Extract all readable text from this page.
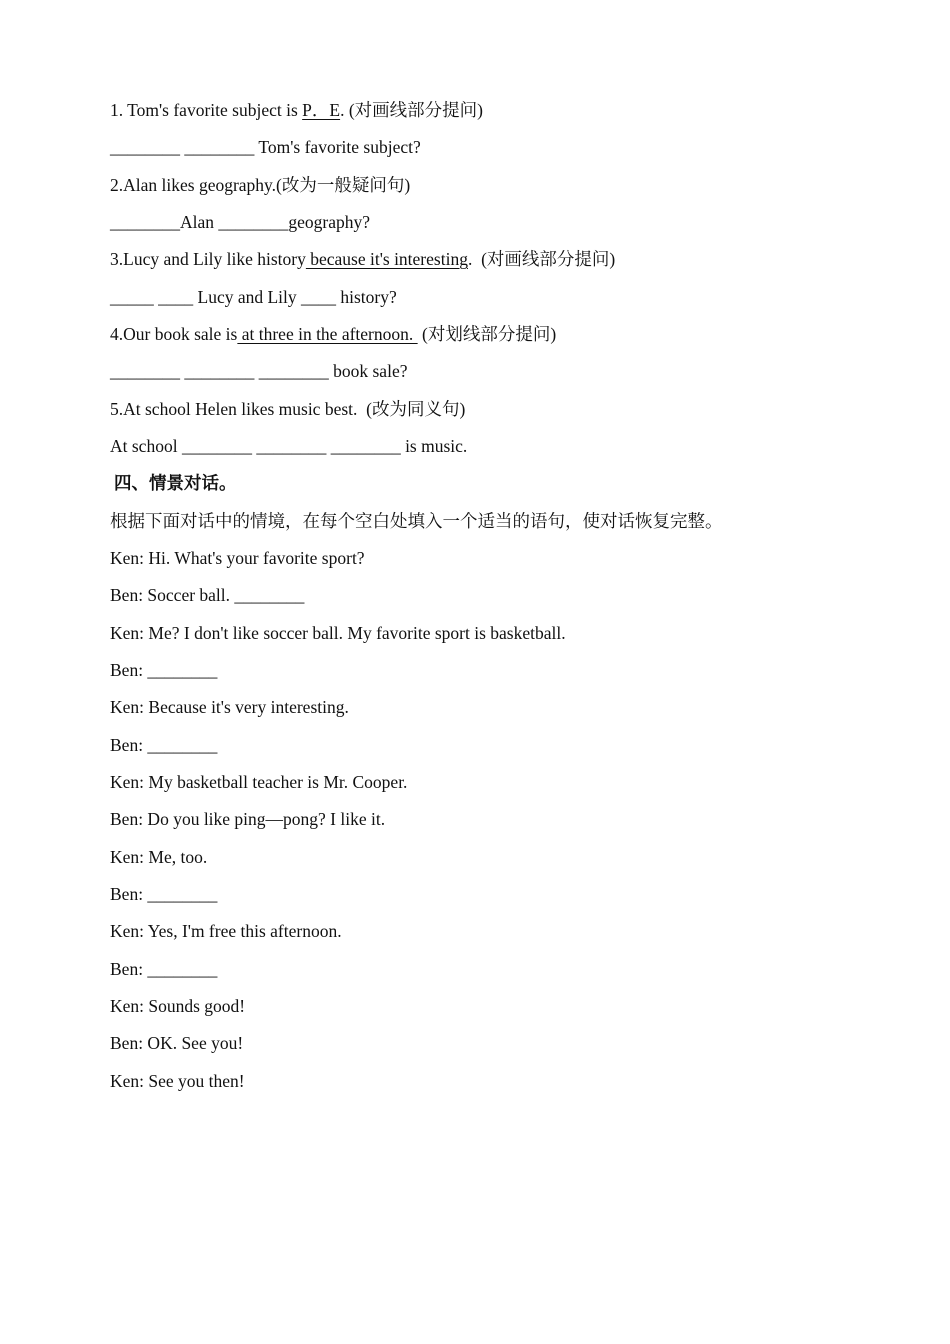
1. Tom's favorite subject is P．E. (对画线部分提问)
________ ________ Tom's favorite subject?
2.Alan likes geography.(改为一般疑问句)
________Alan ________geography?
3.Lucy and Lily like history because it's interesting.  (对画线部分提问)
_____ ____ Lucy and Lily ____ history?
4.Our book sale is at three in the afternoon.  (对划线部分提问)
________ ________ ________ book sale?
5.At school Helen likes music best.  (改为同义句)
At school ________ ________ ________ is music.
四、情景对话。
根据下面对话中的情境，在每个空白处填入一个适当的语句，使对话恢复完整。
Ken: Hi. What's your favorite sport?
Ben: Soccer ball. ________
Ken: Me? I don't like soccer ball. My favorite sport is basketball.
Ben: ________
Ken: Because it's very interesting.
Ben: ________
Ken: My basketball teacher is Mr. Cooper.
Ben: Do you like ping—pong? I like it.
Ken: Me, too.
Ben: ________
Ken: Yes, I'm free this afternoon.
Ben: ________
Ken: Sounds good!
Ben: OK. See you!
Ken: See you then!
